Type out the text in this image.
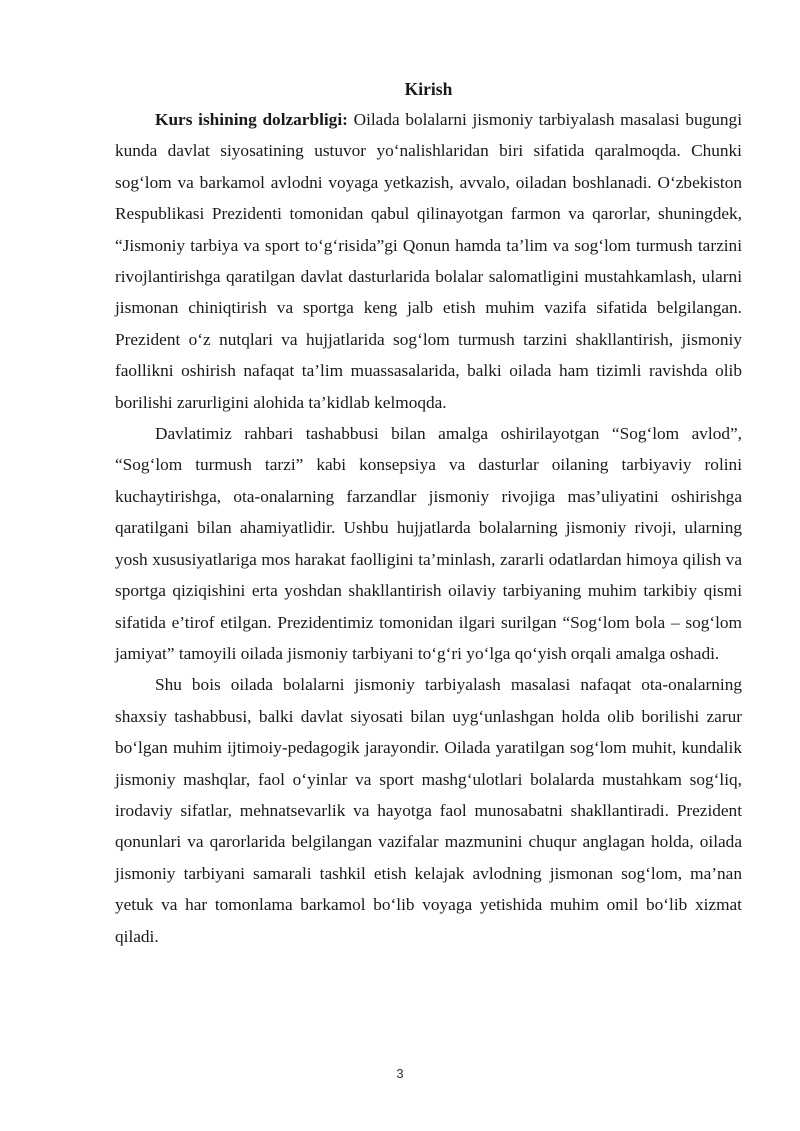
Kirish

Kurs ishining dolzarbligi: Oilada bolalarni jismoniy tarbiyalash masalasi bugungi kunda davlat siyosatining ustuvor yo‘nalishlaridan biri sifatida qaralmoqda. Chunki sog‘lom va barkamol avlodni voyaga yetkazish, avvalo, oiladan boshlanadi. O‘zbekiston Respublikasi Prezidenti tomonidan qabul qilinayotgan farmon va qarorlar, shuningdek, “Jismoniy tarbiya va sport to‘g‘risida”gi Qonun hamda ta’lim va sog‘lom turmush tarzini rivojlantirishga qaratilgan davlat dasturlarida bolalar salomatligini mustahkamlash, ularni jismonan chiniqtirish va sportga keng jalb etish muhim vazifa sifatida belgilangan. Prezident o‘z nutqlari va hujjatlarida sog‘lom turmush tarzini shakllantirish, jismoniy faollikni oshirish nafaqat ta’lim muassasalarida, balki oilada ham tizimli ravishda olib borilishi zarurligini alohida ta’kidlab kelmoqda.

Davlatimiz rahbari tashabbusi bilan amalga oshirilayotgan “Sog‘lom avlod”, “Sog‘lom turmush tarzi” kabi konsepsiya va dasturlar oilaning tarbiyaviy rolini kuchaytirishga, ota-onalarning farzandlar jismoniy rivojiga mas’uliyatini oshirishga qaratilgani bilan ahamiyatlidir. Ushbu hujjatlarda bolalarning jismoniy rivoji, ularning yosh xususiyatlariga mos harakat faolligini ta’minlash, zararli odatlardan himoya qilish va sportga qiziqishini erta yoshdan shakllantirish oilaviy tarbiyaning muhim tarkibiy qismi sifatida e’tirof etilgan. Prezidentimiz tomonidan ilgari surilgan “Sog‘lom bola – sog‘lom jamiyat” tamoyili oilada jismoniy tarbiyani to‘g‘ri yo‘lga qo‘yish orqali amalga oshadi.

Shu bois oilada bolalarni jismoniy tarbiyalash masalasi nafaqat ota-onalarning shaxsiy tashabbusi, balki davlat siyosati bilan uyg‘unlashgan holda olib borilishi zarur bo‘lgan muhim ijtimoiy-pedagogik jarayondir. Oilada yaratilgan sog‘lom muhit, kundalik jismoniy mashqlar, faol o‘yinlar va sport mashg‘ulotlari bolalarda mustahkam sog‘liq, irodaviy sifatlar, mehnatsevarlik va hayotga faol munosabatni shakllantiradi. Prezident qonunlari va qarorlarida belgilangan vazifalar mazmunini chuqur anglagan holda, oilada jismoniy tarbiyani samarali tashkil etish kelajak avlodning jismonan sog‘lom, ma’nan yetuk va har tomonlama barkamol bo‘lib voyaga yetishida muhim omil bo‘lib xizmat qiladi.

3
